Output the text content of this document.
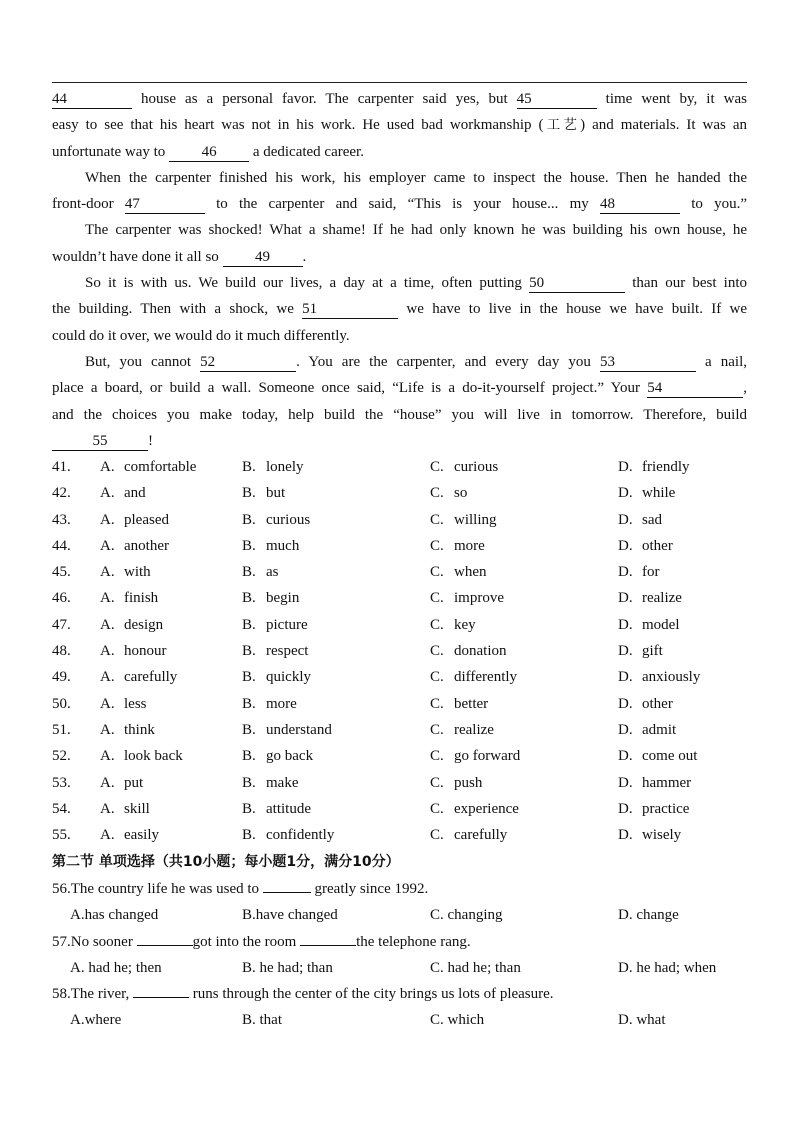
44	house as a personal favor. The carpenter said yes, but 45	time went by, it was
easy to see that his heart was not in his work. He used bad workmanship (工艺) and materials. It was an
unfortunate way to 46 a dedicated career.
When the carpenter finished his work, his employer came to inspect the house. Then he handed the
front-door 47	to the carpenter and said, “This is your house... my 48	to you.”
The carpenter was shocked! What a shame! If he had only known he was building his own house, he
wouldn’t have done it all so 49 .
So it is with us. We build our lives, a day at a time, often putting 50	than our best into
the building. Then with a shock, we 51	we have to live in the house we have built. If we
could do it over, we would do it much differently.
But, you cannot 52	. You are the carpenter, and every day you 53	a nail,
place a board, or build a wall. Someone once said, “Life is a do-it-yourself project.” Your 54	,
and the choices you make today, help build the “house” you will live in tomorrow. Therefore, build
55	!
41. A. comfortable	B. lonely	C. curious	D. friendly
42. A. and	B. but	C. so	D. while
43. A. pleased	B. curious	C. willing	D. sad
44. A. another	B. much	C. more	D. other
45. A. with	B. as	C. when	D. for
46. A. finish	B. begin	C. improve	D. realize
47. A. design	B. picture	C. key	D. model
48. A. honour	B. respect	C. donation	D. gift
49. A. carefully	B. quickly	C. differently	D. anxiously
50. A. less	B. more	C. better	D. other
51. A. think	B. understand	C. realize	D. admit
52. A. look back	B. go back	C. go forward	D. come out
53. A. put	B. make	C. push	D. hammer
54. A. skill	B. attitude	C. experience	D. practice
55. A. easily	B. confidently	C. carefully	D. wisely
第二节 单项选择（共10小题；每小题1分，满分10分）
56.The country life he was used to	greatly since 1992.
A.has changed	B.have changed	C. changing	D. change
57.No sooner	got into the room	the telephone rang.
A. had he; then	B. he had; than	C. had he; than	D. he had; when
58.The river,	runs through the center of the city brings us lots of pleasure.
A.where	B. that	C. which	D. what
